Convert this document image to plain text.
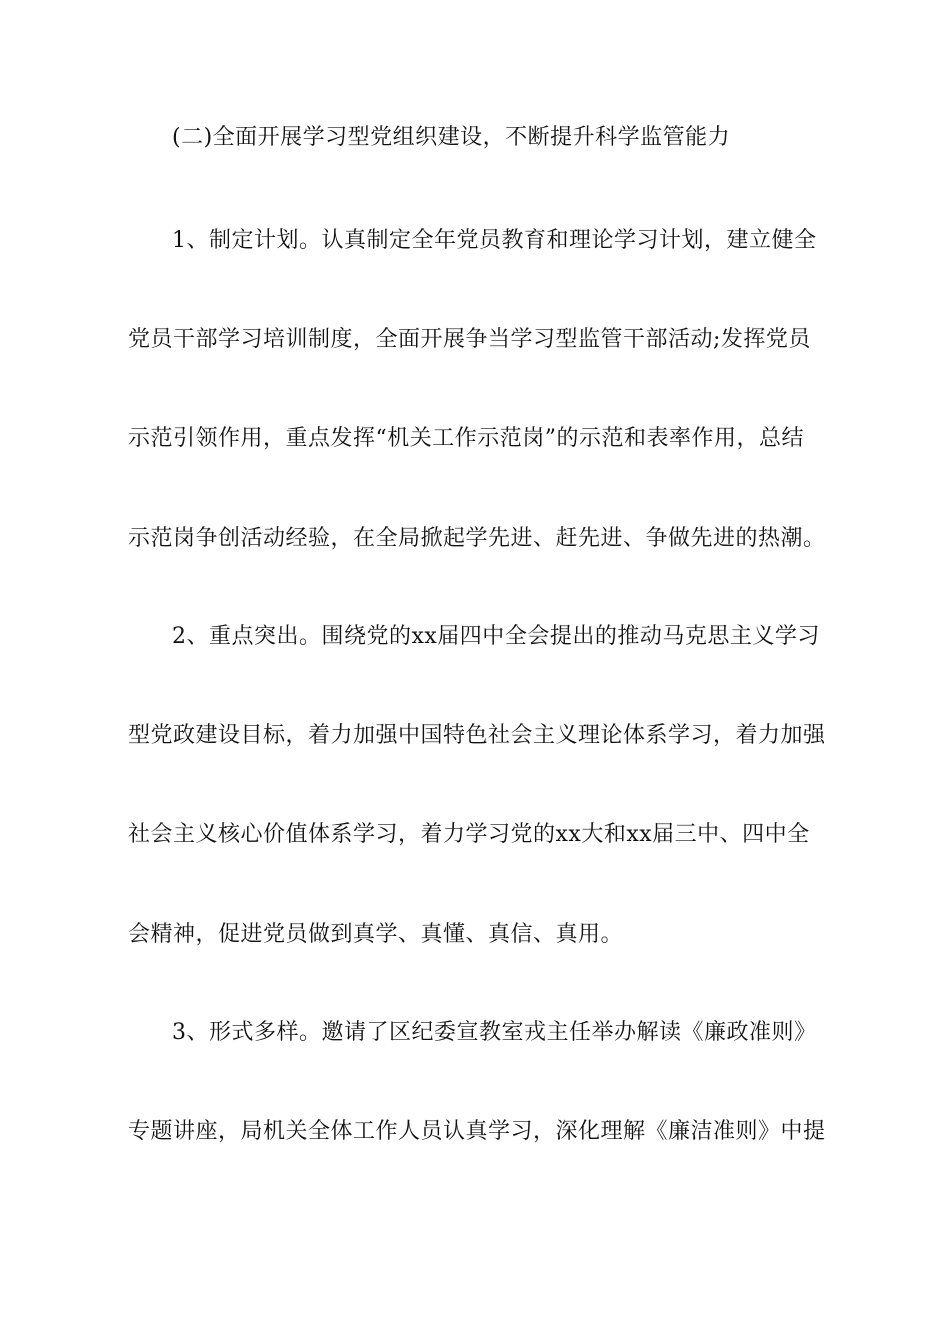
(二)全面开展学习型党组织建设，不断提升科学监管能力
1、制定计划。认真制定全年党员教育和理论学习计划，建立健全
党员干部学习培训制度，全面开展争当学习型监管干部活动;发挥党员
示范引领作用，重点发挥“机关工作示范岗”的示范和表率作用，总结
示范岗争创活动经验，在全局掀起学先进、赶先进、争做先进的热潮。
2、重点突出。围绕党的xx届四中全会提出的推动马克思主义学习
型党政建设目标，着力加强中国特色社会主义理论体系学习，着力加强
社会主义核心价值体系学习，着力学习党的xx大和xx届三中、四中全
会精神，促进党员做到真学、真懂、真信、真用。
3、形式多样。邀请了区纪委宣教室戎主任举办解读《廉政准则》
专题讲座，局机关全体工作人员认真学习，深化理解《廉洁准则》中提
